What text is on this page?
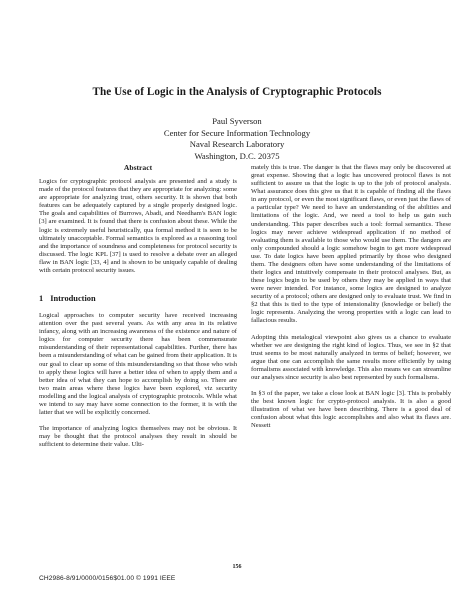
The Use of Logic in the Analysis of Cryptographic Protocols
Paul Syverson
Center for Secure Information Technology
Naval Research Laboratory
Washington, D.C. 20375
Abstract

Logics for cryptographic protocol analysis are presented and a study is made of the protocol features that they are appropriate for analyzing: some are appropriate for analyzing trust, others security. It is shown that both features can be adequately captured by a single properly designed logic. The goals and capabilities of Burrows, Abadi, and Needham's BAN logic [3] are examined. It is found that there is confusion about these. While the logic is extremely useful heuristically, qua formal method it is seen to be ultimately unacceptable. Formal semantics is explored as a reasoning tool and the importance of soundness and completeness for protocol security is discussed. The logic KPL [37] is used to resolve a debate over an alleged flaw in BAN logic [33, 4] and is shown to be uniquely capable of dealing with certain protocol security issues.

1 Introduction

Logical approaches to computer security have received increasing attention over the past several years. As with any area in its relative infancy, along with an increasing awareness of the existence and nature of logics for computer security there has been commensurate misunderstanding of their representational capabilities. Further, there has been a misunderstanding of what can be gained from their application. It is our goal to clear up some of this misunderstanding so that those who wish to apply these logics will have a better idea of when to apply them and a better idea of what they can hope to accomplish by doing so. There are two main areas where these logics have been explored, viz security modelling and the logical analysis of cryptographic protocols. While what we intend to say may have some connection to the former, it is with the latter that we will be explicitly concerned.

The importance of analyzing logics themselves may not be obvious. It may be thought that the protocol analyses they result in should be sufficient to determine their value. Ulti-

mately this is true. The danger is that the flaws may only be discovered at great expense. Showing that a logic has uncovered protocol flaws is not sufficient to assure us that the logic is up to the job of protocol analysis. What assurance does this give us that it is capable of finding all the flaws in any protocol, or even the most significant flaws, or even just the flaws of a particular type? We need to have an understanding of the abilities and limitations of the logic. And, we need a tool to help us gain such understanding. This paper describes such a tool: formal semantics. These logics may never achieve widespread application if no method of evaluating them is available to those who would use them. The dangers are only compounded should a logic somehow begin to get more widespread use. To date logics have been applied primarily by those who designed them. The designers often have some understanding of the limitations of their logics and intuitively compensate in their protocol analyses. But, as these logics begin to be used by others they may be applied in ways that were never intended. For instance, some logics are designed to analyze security of a protocol; others are designed only to evaluate trust. We find in §2 that this is tied to the type of intensionality (knowledge or belief) the logic represents. Analyzing the wrong properties with a logic can lead to fallacious results.

Adopting this metalogical viewpoint also gives us a chance to evaluate whether we are designing the right kind of logics. Thus, we see in §2 that trust seems to be most naturally analyzed in terms of belief; however, we argue that one can accomplish the same results more efficiently by using formalisms associated with knowledge. This also means we can streamline our analyses since security is also best represented by such formalisms.

In §3 of the paper, we take a close look at BAN logic [3]. This is probably the best known logic for crypto-protocol analysis. It is also a good illustration of what we have been describing. There is a good deal of confusion about what this logic accomplishes and also what its flaws are. Nessett

156
CH2986-8/91/0000/0156$01.00 © 1991 IEEE
